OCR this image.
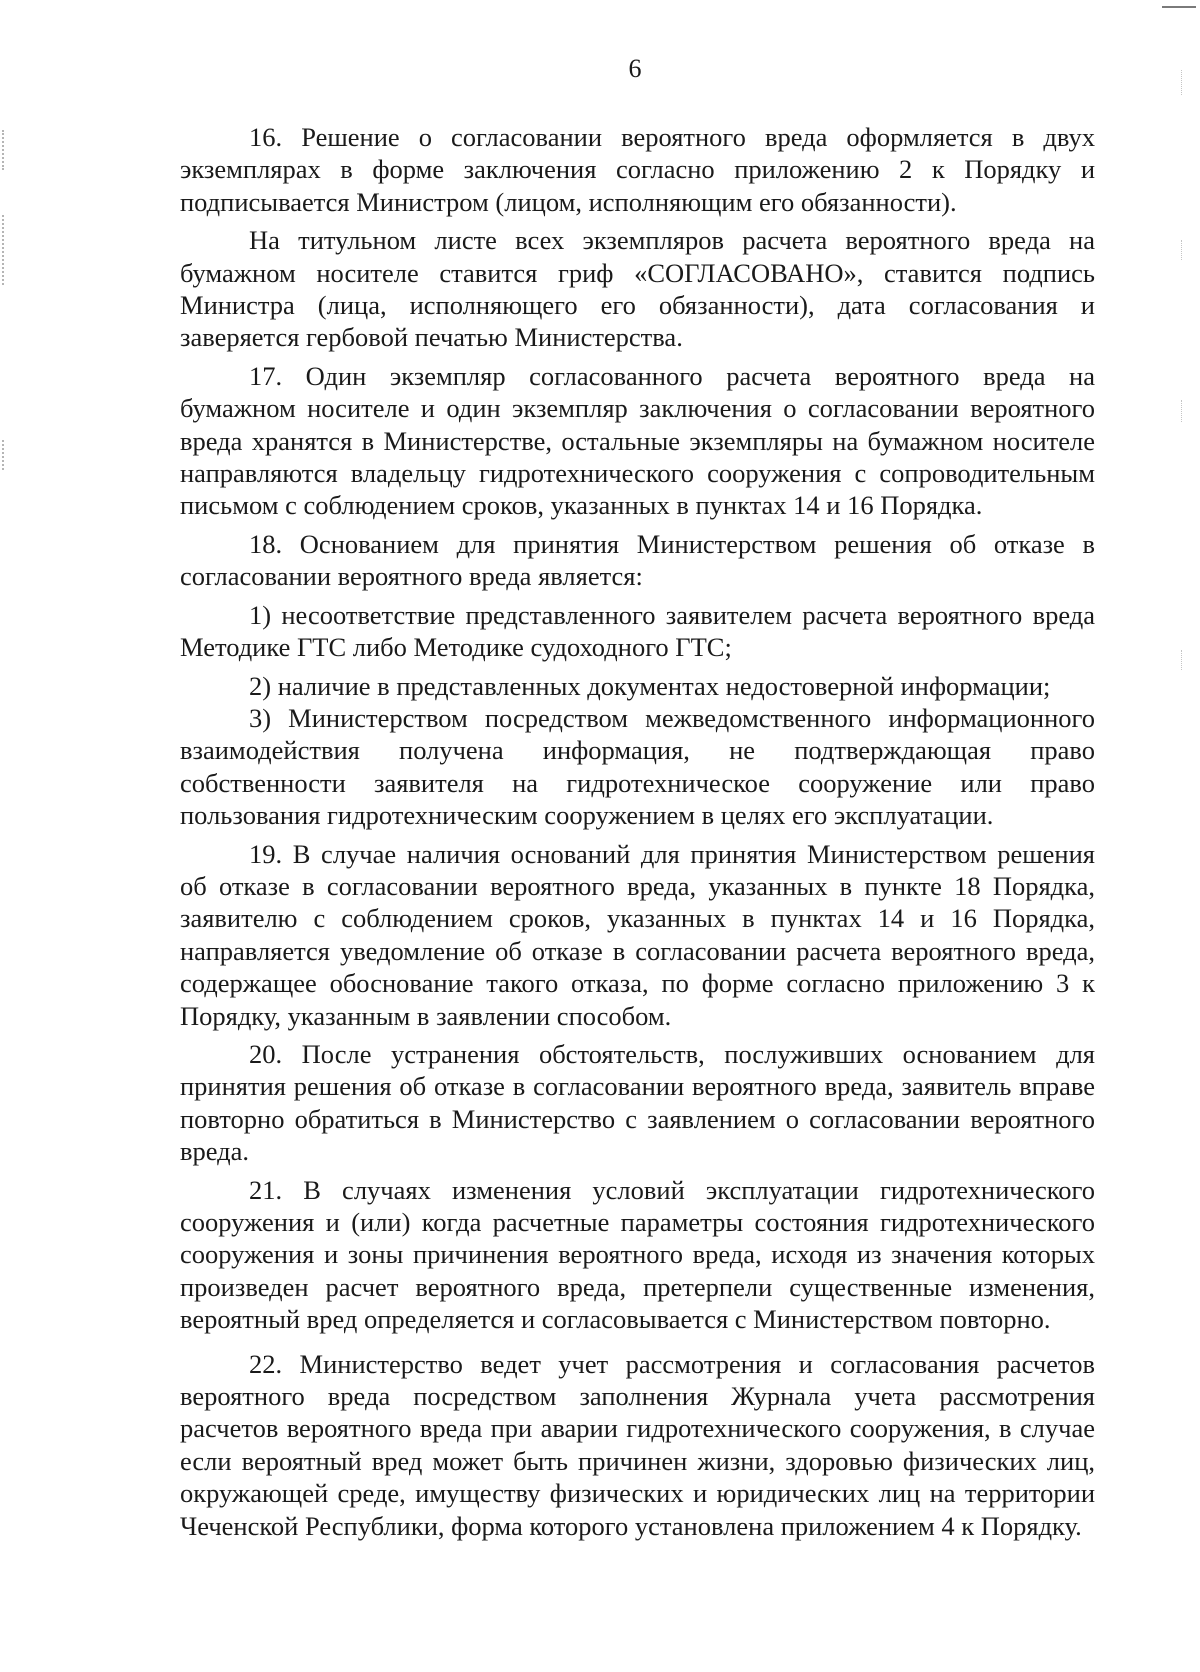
6

16. Решение о согласовании вероятного вреда оформляется в двух экземплярах в форме заключения согласно приложению 2 к Порядку и подписывается Министром (лицом, исполняющим его обязанности).

На титульном листе всех экземпляров расчета вероятного вреда на бумажном носителе ставится гриф «СОГЛАСОВАНО», ставится подпись Министра (лица, исполняющего его обязанности), дата согласования и заверяется гербовой печатью Министерства.

17. Один экземпляр согласованного расчета вероятного вреда на бумажном носителе и один экземпляр заключения о согласовании вероятного вреда хранятся в Министерстве, остальные экземпляры на бумажном носителе направляются владельцу гидротехнического сооружения с сопроводительным письмом с соблюдением сроков, указанных в пунктах 14 и 16 Порядка.

18. Основанием для принятия Министерством решения об отказе в согласовании вероятного вреда является:

1) несоответствие представленного заявителем расчета вероятного вреда Методике ГТС либо Методике судоходного ГТС;

2) наличие в представленных документах недостоверной информации;

3) Министерством посредством межведомственного информационного взаимодействия получена информация, не подтверждающая право собственности заявителя на гидротехническое сооружение или право пользования гидротехническим сооружением в целях его эксплуатации.

19. В случае наличия оснований для принятия Министерством решения об отказе в согласовании вероятного вреда, указанных в пункте 18 Порядка, заявителю с соблюдением сроков, указанных в пунктах 14 и 16 Порядка, направляется уведомление об отказе в согласовании расчета вероятного вреда, содержащее обоснование такого отказа, по форме согласно приложению 3 к Порядку, указанным в заявлении способом.

20. После устранения обстоятельств, послуживших основанием для принятия решения об отказе в согласовании вероятного вреда, заявитель вправе повторно обратиться в Министерство с заявлением о согласовании вероятного вреда.

21. В случаях изменения условий эксплуатации гидротехнического сооружения и (или) когда расчетные параметры состояния гидротехнического сооружения и зоны причинения вероятного вреда, исходя из значения которых произведен расчет вероятного вреда, претерпели существенные изменения, вероятный вред определяется и согласовывается с Министерством повторно.

22. Министерство ведет учет рассмотрения и согласования расчетов вероятного вреда посредством заполнения Журнала учета рассмотрения расчетов вероятного вреда при аварии гидротехнического сооружения, в случае если вероятный вред может быть причинен жизни, здоровью физических лиц, окружающей среде, имуществу физических и юридических лиц на территории Чеченской Республики, форма которого установлена приложением 4 к Порядку.
